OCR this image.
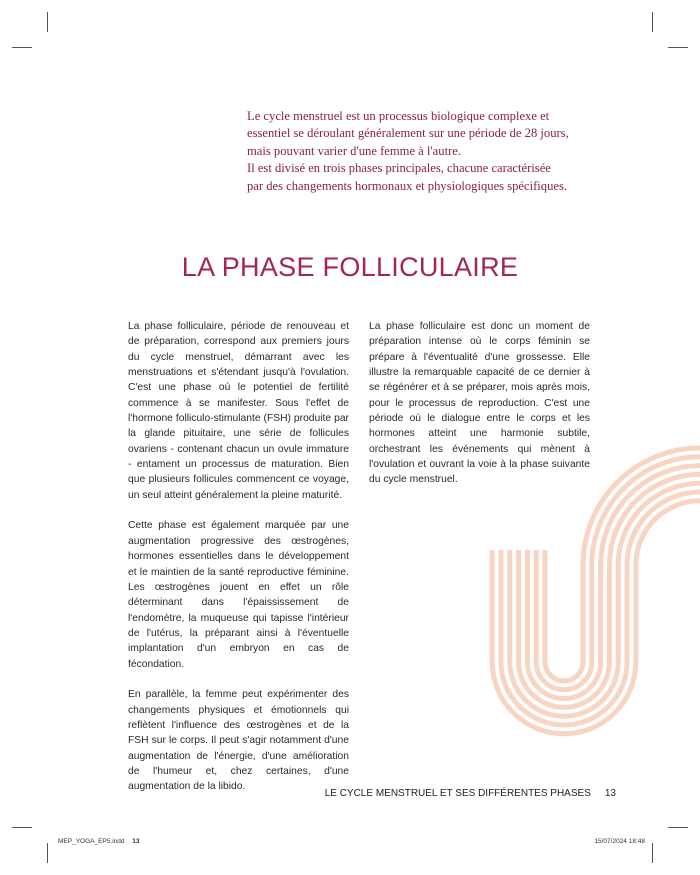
Le cycle menstruel est un processus biologique complexe et
essentiel se déroulant généralement sur une période de 28 jours,
mais pouvant varier d'une femme à l'autre.
Il est divisé en trois phases principales, chacune caractérisée
par des changements hormonaux et physiologiques spécifiques.
LA PHASE FOLLICULAIRE

La phase folliculaire, période de renouveau et de préparation, correspond aux premiers jours du cycle menstruel, démarrant avec les menstruations et s'étendant jusqu'à l'ovulation. C'est une phase où le potentiel de fertilité commence à se manifester. Sous l'effet de l'hormone folliculo-stimulante (FSH) produite par la glande pituitaire, une série de follicules ovariens - contenant chacun un ovule immature - entament un processus de maturation. Bien que plusieurs follicules commencent ce voyage, un seul atteint généralement la pleine maturité.

Cette phase est également marquée par une augmentation progressive des œstrogènes, hormones essentielles dans le développement et le maintien de la santé reproductive féminine. Les œstrogènes jouent en effet un rôle déterminant dans l'épaississement de l'endomètre, la muqueuse qui tapisse l'intérieur de l'utérus, la préparant ainsi à l'éventuelle implantation d'un embryon en cas de fécondation.

En parallèle, la femme peut expérimenter des changements physiques et émotionnels qui reflètent l'influence des œstrogènes et de la FSH sur le corps. Il peut s'agir notamment d'une augmentation de l'énergie, d'une amélioration de l'humeur et, chez certaines, d'une augmentation de la libido.

La phase folliculaire est donc un moment de préparation intense où le corps féminin se prépare à l'éventualité d'une grossesse. Elle illustre la remarquable capacité de ce dernier à se régénérer et à se préparer, mois après mois, pour le processus de reproduction. C'est une période où le dialogue entre le corps et les hormones atteint une harmonie subtile, orchestrant les événements qui mènent à l'ovulation et ouvrant la voie à la phase suivante du cycle menstruel.

LE CYCLE MENSTRUEL ET SES DIFFÉRENTES PHASES 13
MEP_YOGA_EP5.indd 13	15/07/2024 18:48
